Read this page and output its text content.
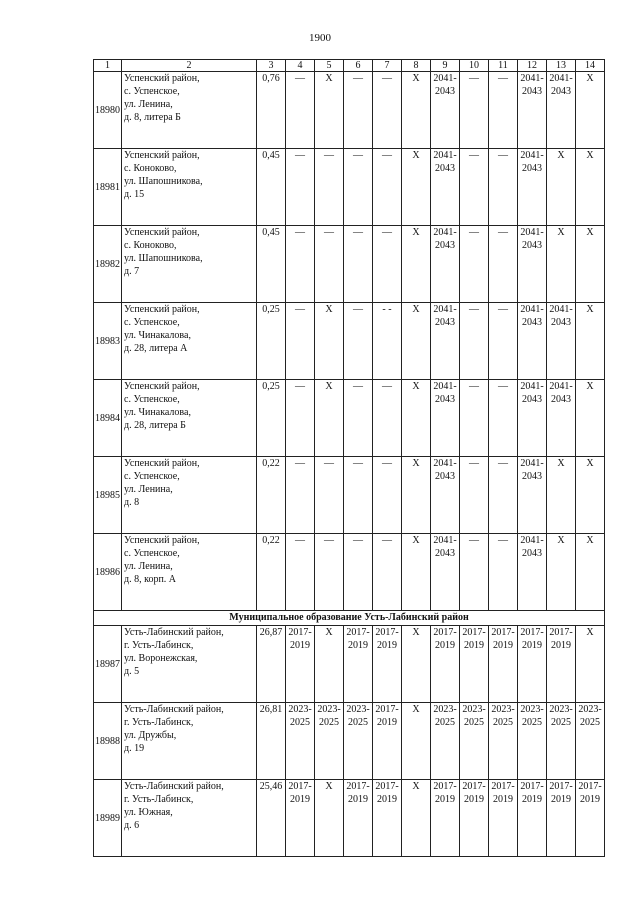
1900
1	2	3	4	5	6	7	8	9	10	11	12	13	14
18980	Успенский район,
с. Успенское,
ул. Ленина,
д. 8, литера Б	0,76	—	X	—	—	X	2041-
2043	—	—	2041-
2043	2041-
2043	X
18981	Успенский район,
с. Коноково,
ул. Шапошникова,
д. 15	0,45	—	—	—	—	X	2041-
2043	—	—	2041-
2043	X	X
18982	Успенский район,
с. Коноково,
ул. Шапошникова,
д. 7	0,45	—	—	—	—	X	2041-
2043	—	—	2041-
2043	X	X
18983	Успенский район,
с. Успенское,
ул. Чинакалова,
д. 28, литера А	0,25	—	X	—	- -	X	2041-
2043	—	—	2041-
2043	2041-
2043	X
18984	Успенский район,
с. Успенское,
ул. Чинакалова,
д. 28, литера Б	0,25	—	X	—	—	X	2041-
2043	—	—	2041-
2043	2041-
2043	X
18985	Успенский район,
с. Успенское,
ул. Ленина,
д. 8	0,22	—	—	—	—	X	2041-
2043	—	—	2041-
2043	X	X
18986	Успенский район,
с. Успенское,
ул. Ленина,
д. 8, корп. А	0,22	—	—	—	—	X	2041-
2043	—	—	2041-
2043	X	X
Муниципальное образование Усть-Лабинский район													
18987	Усть-Лабинский район,
г. Усть-Лабинск,
ул. Воронежская,
д. 5	26,87	2017-
2019	X	2017-
2019	2017-
2019	X	2017-
2019	2017-
2019	2017-
2019	2017-
2019	2017-
2019	X
18988	Усть-Лабинский район,
г. Усть-Лабинск,
ул. Дружбы,
д. 19	26,81	2023-
2025	2023-
2025	2023-
2025	2017-
2019	X	2023-
2025	2023-
2025	2023-
2025	2023-
2025	2023-
2025	2023-
2025
18989	Усть-Лабинский район,
г. Усть-Лабинск,
ул. Южная,
д. 6	25,46	2017-
2019	X	2017-
2019	2017-
2019	X	2017-
2019	2017-
2019	2017-
2019	2017-
2019	2017-
2019	2017-
2019
